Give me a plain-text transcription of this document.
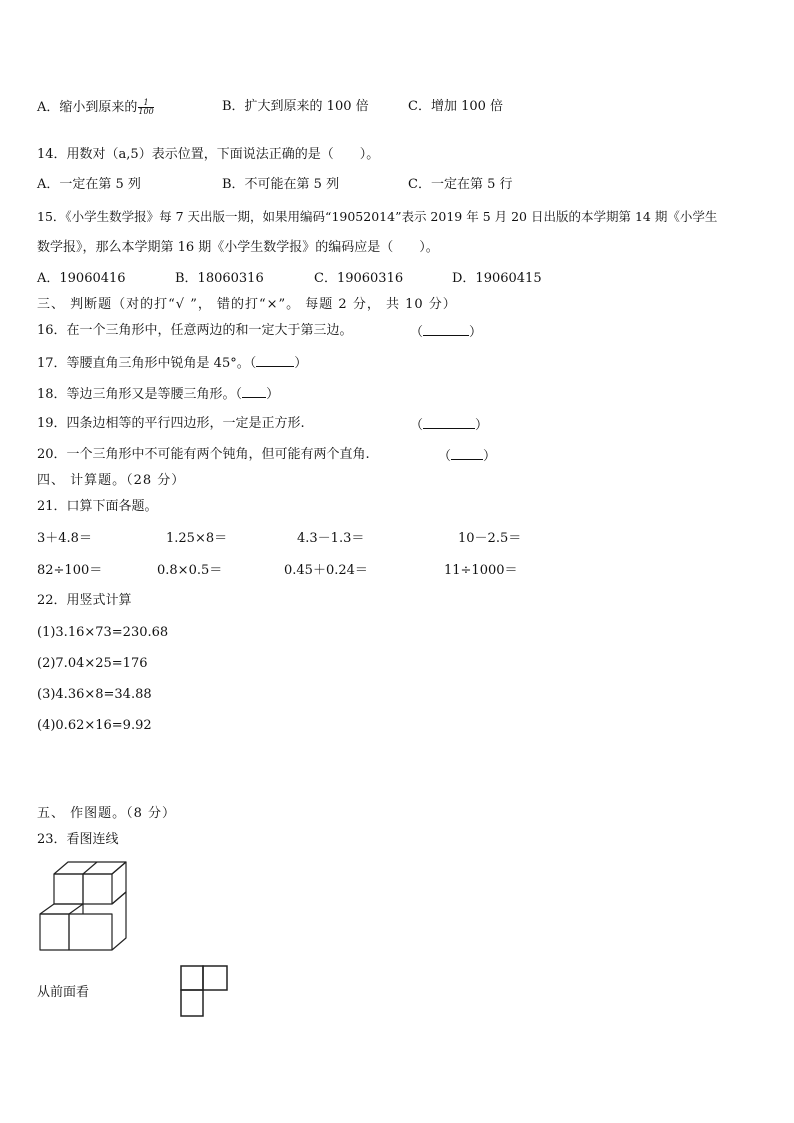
A．缩小到原来的 $\frac{1}{100}$	B．扩大到原来的 100 倍	C．增加 100 倍
14．用数对（a,5）表示位置，下面说法正确的是（　　）。
A．一定在第 5 列	B．不可能在第 5 列	C．一定在第 5 行
15．《小学生数学报》每 7 天出版一期，如果用编码“19052014”表示 2019 年 5 月 20 日出版的本学期第 14 期《小学生
数学报》，那么本学期第 16 期《小学生数学报》的编码应是（　　）。
A．19060416	B．18060316	C．19060316	D．19060415
三、 判断题（对的打“√ ”， 错的打“×”。 每题 2 分， 共 10 分）
16．在一个三角形中，任意两边的和一定大于第三边。	（	）
17．等腰直角三角形中锐角是 45°。（	）
18．等边三角形又是等腰三角形。（ ）
19．四条边相等的平行四边形，一定是正方形.	（	）
20．一个三角形中不可能有两个钝角，但可能有两个直角.	（ ）
四、 计算题。（28 分）
21．口算下面各题。
3＋4.8＝	1.25×8＝	4.3－1.3＝	10－2.5＝
82÷100＝	0.8×0.5＝	0.45＋0.24＝	11÷1000＝
22．用竖式计算
(1)3.16×73=230.68
(2)7.04×25=176
(3)4.36×8=34.88
(4)0.62×16=9.92
五、 作图题。（8 分）
23．看图连线
从前面看
